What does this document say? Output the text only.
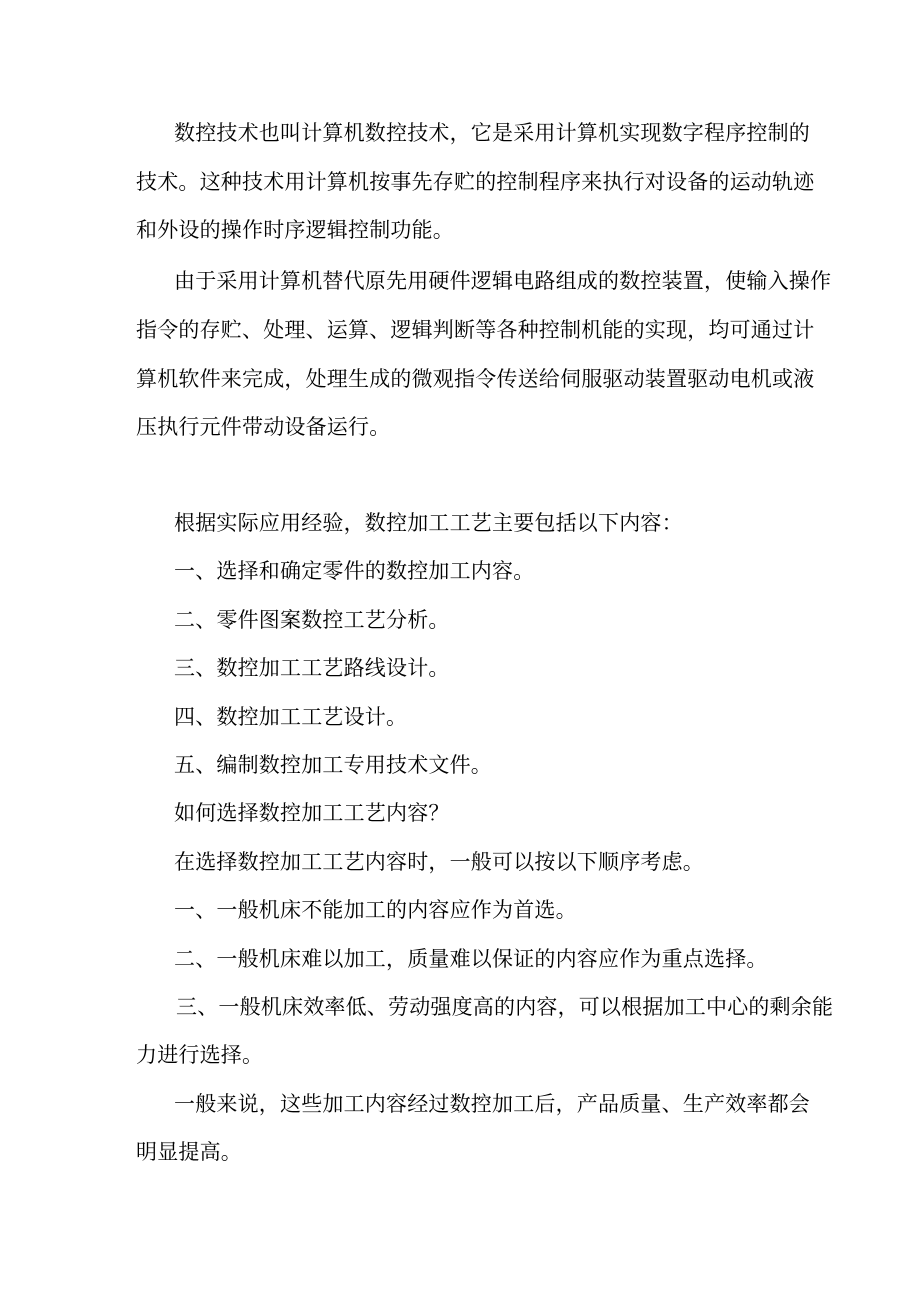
数控技术也叫计算机数控技术，它是采用计算机实现数字程序控制的
技术。这种技术用计算机按事先存贮的控制程序来执行对设备的运动轨迹
和外设的操作时序逻辑控制功能。
由于采用计算机替代原先用硬件逻辑电路组成的数控装置，使输入操作
指令的存贮、处理、运算、逻辑判断等各种控制机能的实现，均可通过计
算机软件来完成，处理生成的微观指令传送给伺服驱动装置驱动电机或液
压执行元件带动设备运行。
根据实际应用经验，数控加工工艺主要包括以下内容：
一、选择和确定零件的数控加工内容。
二、零件图案数控工艺分析。
三、数控加工工艺路线设计。
四、数控加工工艺设计。
五、编制数控加工专用技术文件。
如何选择数控加工工艺内容？
在选择数控加工工艺内容时，一般可以按以下顺序考虑。
一、一般机床不能加工的内容应作为首选。
二、一般机床难以加工，质量难以保证的内容应作为重点选择。
三、一般机床效率低、劳动强度高的内容，可以根据加工中心的剩余能
力进行选择。
一般来说，这些加工内容经过数控加工后，产品质量、生产效率都会
明显提高。
